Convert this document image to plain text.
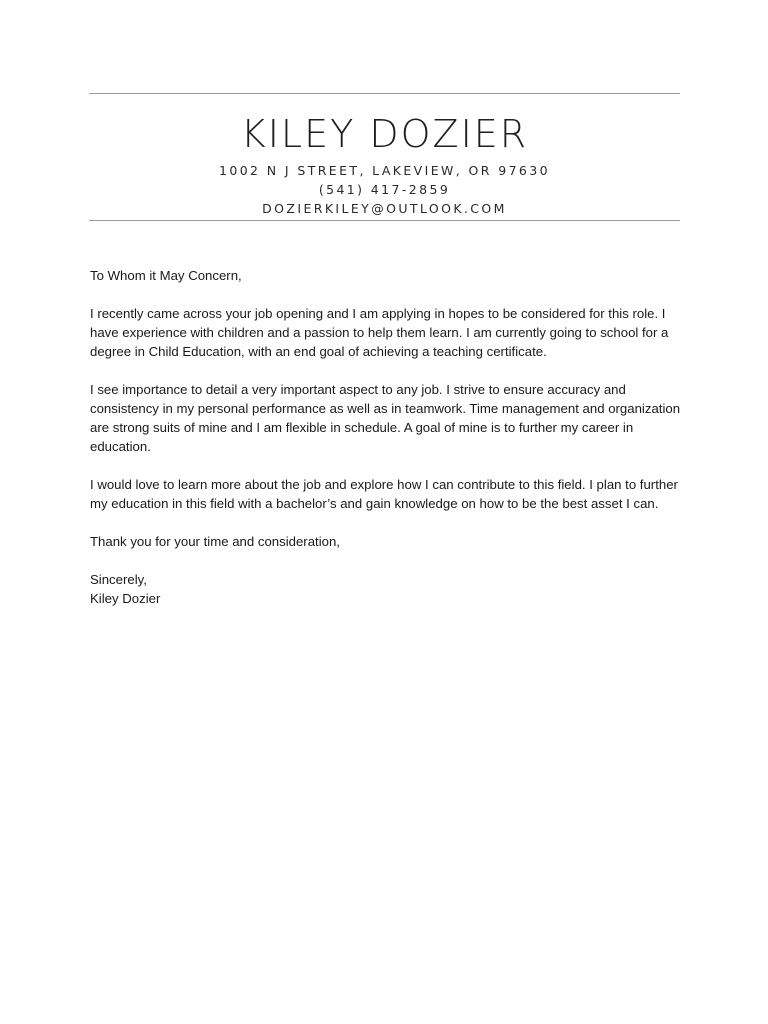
KILEY DOZIER
1002 N J STREET, LAKEVIEW, OR 97630
(541) 417-2859
DOZIERKILEY@OUTLOOK.COM

To Whom it May Concern,

I recently came across your job opening and I am applying in hopes to be considered for this role. I have experience with children and a passion to help them learn. I am currently going to school for a degree in Child Education, with an end goal of achieving a teaching certificate.

I see importance to detail a very important aspect to any job. I strive to ensure accuracy and consistency in my personal performance as well as in teamwork. Time management and organization are strong suits of mine and I am flexible in schedule. A goal of mine is to further my career in education.

I would love to learn more about the job and explore how I can contribute to this field. I plan to further my education in this field with a bachelor’s and gain knowledge on how to be the best asset I can.

Thank you for your time and consideration,

Sincerely,

Kiley Dozier
